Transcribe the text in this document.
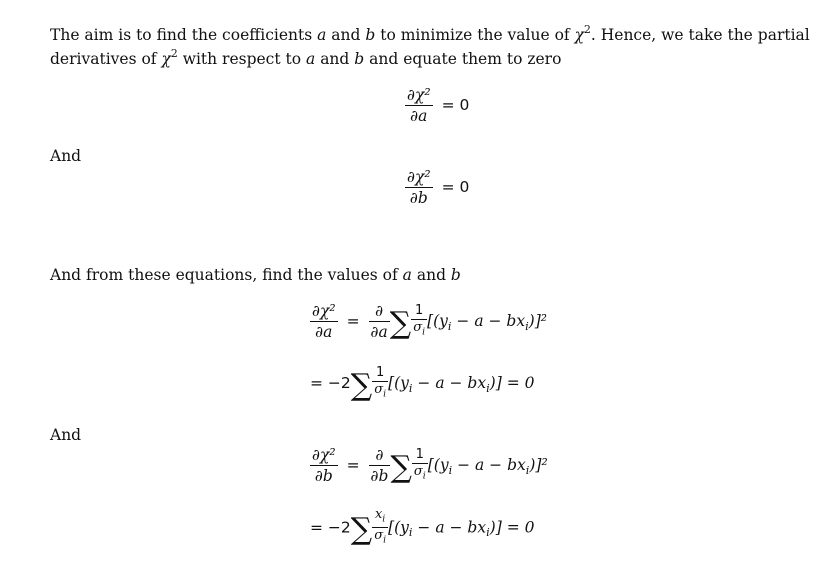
The aim is to find the coefficients a and b to minimize the value of $\chi^2$. Hence, we take the partial
derivatives of $\chi^2$ with respect to a and b and equate them to zero
$\frac{\text{∂χ²}}{\partial a} = 0$
And
$\frac{\text{∂χ²}}{\partial b} = 0$
And from these equations, find the values of a and b
$\frac{\text{∂χ²}}{\partial a} = \frac{\partial}{\partial a}$ ∑ $\frac{1}{\sigma_i} [(y_i - a - bx_i)]^2$
= $-2\sum \frac{1}{\sigma_i} [(y_i - a - bx_i)] = 0$
And
$\frac{\text{∂χ²}}{\partial b} = \frac{\partial}{\partial b}$ ∑ $\frac{1}{\sigma_i} [(y_i - a - bx_i)]^2$
= $-2\sum \frac{x_i}{\sigma_i} [(y_i - a - bx_i)] = 0$
